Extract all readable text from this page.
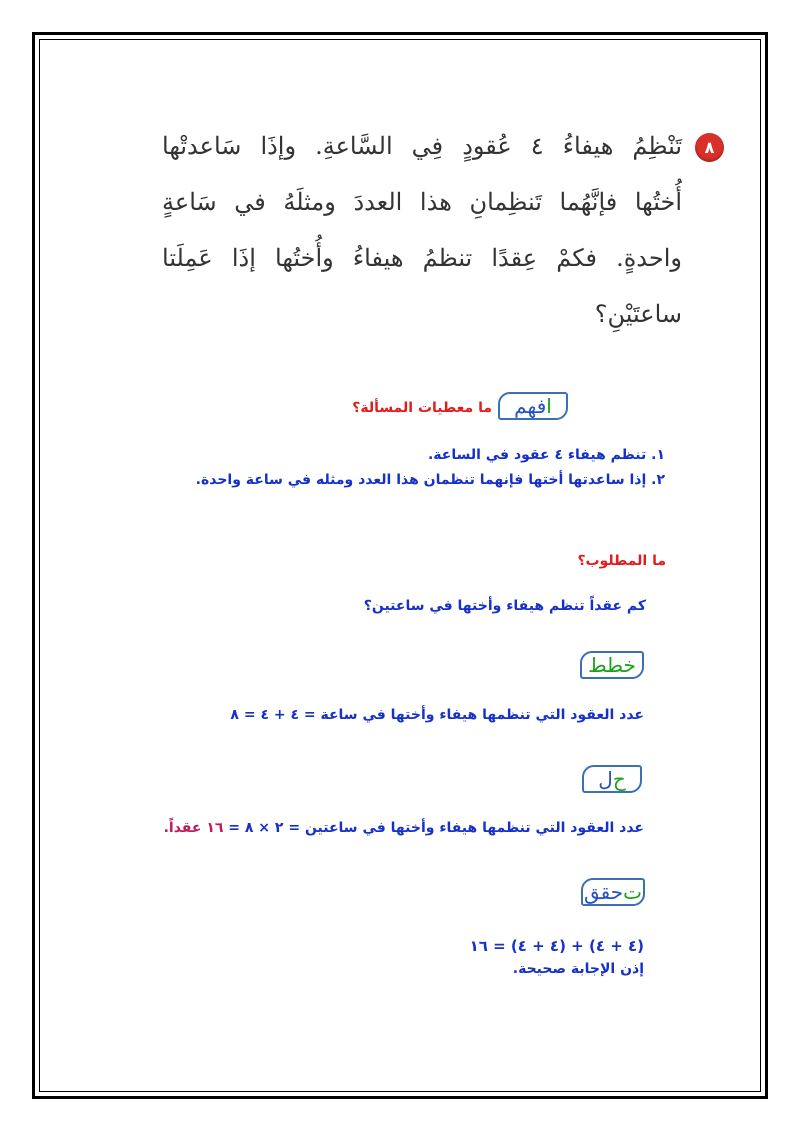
٨
تَنْظِمُ هيفاءُ ٤ عُقودٍ فِي السَّاعةِ. وإذَا سَاعدتْها
أُختُها فإنَّهُما تَنظِمانِ هذا العددَ ومثلَهُ في سَاعةٍ
واحدةٍ. فكمْ عِقدًا تنظمُ هيفاءُ وأُختُها إذَا عَمِلَتا
ساعتَيْنِ؟
ا
فهم
ما معطيات المسألة؟
١. تنظم هيفاء ٤ عقود في الساعة.
٢. إذا ساعدتها أختها فإنهما تنظمان هذا العدد ومثله في ساعة واحدة.
ما المطلوب؟
كم عقداً تنظم هيفاء وأختها في ساعتين؟
خطط
عدد العقود التي تنظمها هيفاء وأختها في ساعة = ٤ + ٤ = ٨
ح
ل
عدد العقود التي تنظمها هيفاء وأختها في ساعتين = ٢ × ٨ = ١٦ عقداً.
ت
حقق
(٤ + ٤) + (٤ + ٤) = ١٦
إذن الإجابة صحيحة.
